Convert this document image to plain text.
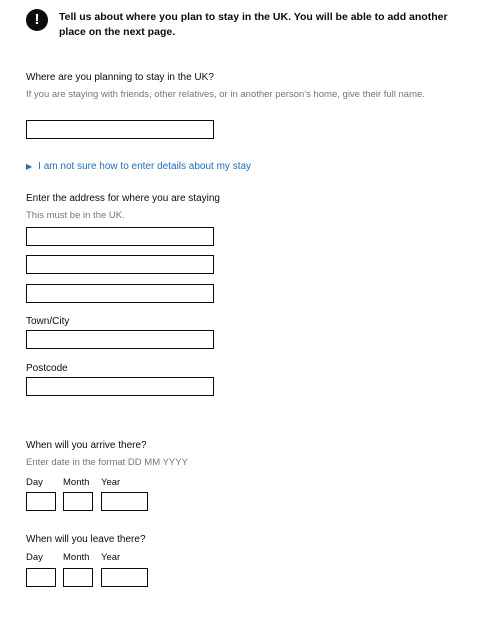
!	Tell us about where you plan to stay in the UK. You will be able to add another place on the next page.
Where are you planning to stay in the UK?
If you are staying with friends, other relatives, or in another person's home, give their full name.
▶ I am not sure how to enter details about my stay
Enter the address for where you are staying
This must be in the UK.
Town/City
Postcode
When will you arrive there?
Enter date in the format DD MM YYYY
Day Month Year
When will you leave there?
Day Month Year
